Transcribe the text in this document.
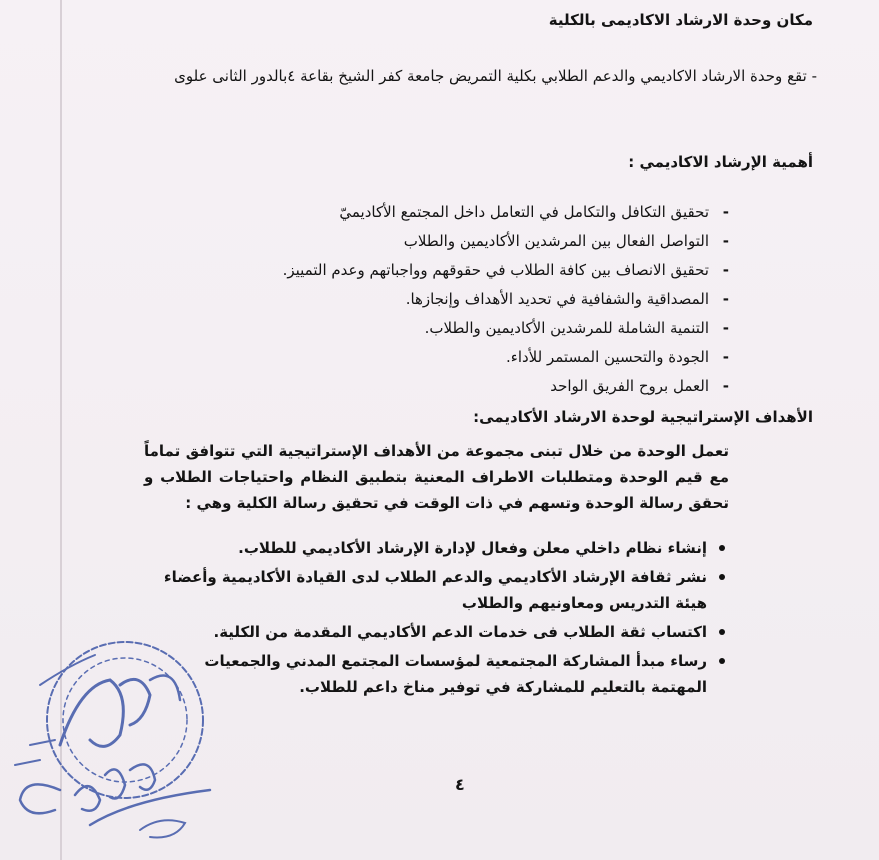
مكان وحدة الارشاد الاكاديمى بالكلية
- تقع وحدة الارشاد الاكاديمي والدعم الطلابي بكلية التمريض جامعة كفر الشيخ بقاعة ٤بالدور الثانى علوى
أهمية الإرشاد الاكاديمي :
- تحقيق التكافل والتكامل في التعامل داخل المجتمع الأكاديميّ
- التواصل الفعال بين المرشدين الأكاديمين والطلاب
- تحقيق الانصاف بين كافة الطلاب في حقوقهم وواجباتهم وعدم التمييز.
- المصداقية والشفافية في تحديد الأهداف وإنجازها.
- التنمية الشاملة للمرشدين الأكاديمين والطلاب.
- الجودة والتحسين المستمر للأداء.
- العمل بروح الفريق الواحد
الأهداف الإستراتيجية لوحدة الارشاد الأكاديمى:
تعمل الوحدة من خلال تبنى مجموعة من الأهداف الإستراتيجية التي تتوافق تماماً مع قيم الوحدة ومتطلبات الاطراف المعنية بتطبيق النظام واحتياجات الطلاب و تحقق رسالة الوحدة وتسهم في ذات الوقت في تحقيق رسالة الكلية وهي :
إنشاء نظام داخلي معلن وفعال لإدارة الإرشاد الأكاديمي للطلاب.
نشر ثقافة الإرشاد الأكاديمي والدعم الطلاب لدى القيادة الأكاديمية وأعضاء هيئة التدريس ومعاونيهم والطلاب
اكتساب ثقة الطلاب فى خدمات الدعم الأكاديمي المقدمة من الكلية.
رساء مبدأ المشاركة المجتمعية لمؤسسات المجتمع المدني والجمعيات المهتمة بالتعليم للمشاركة في توفير مناخ داعم للطلاب.
٤
